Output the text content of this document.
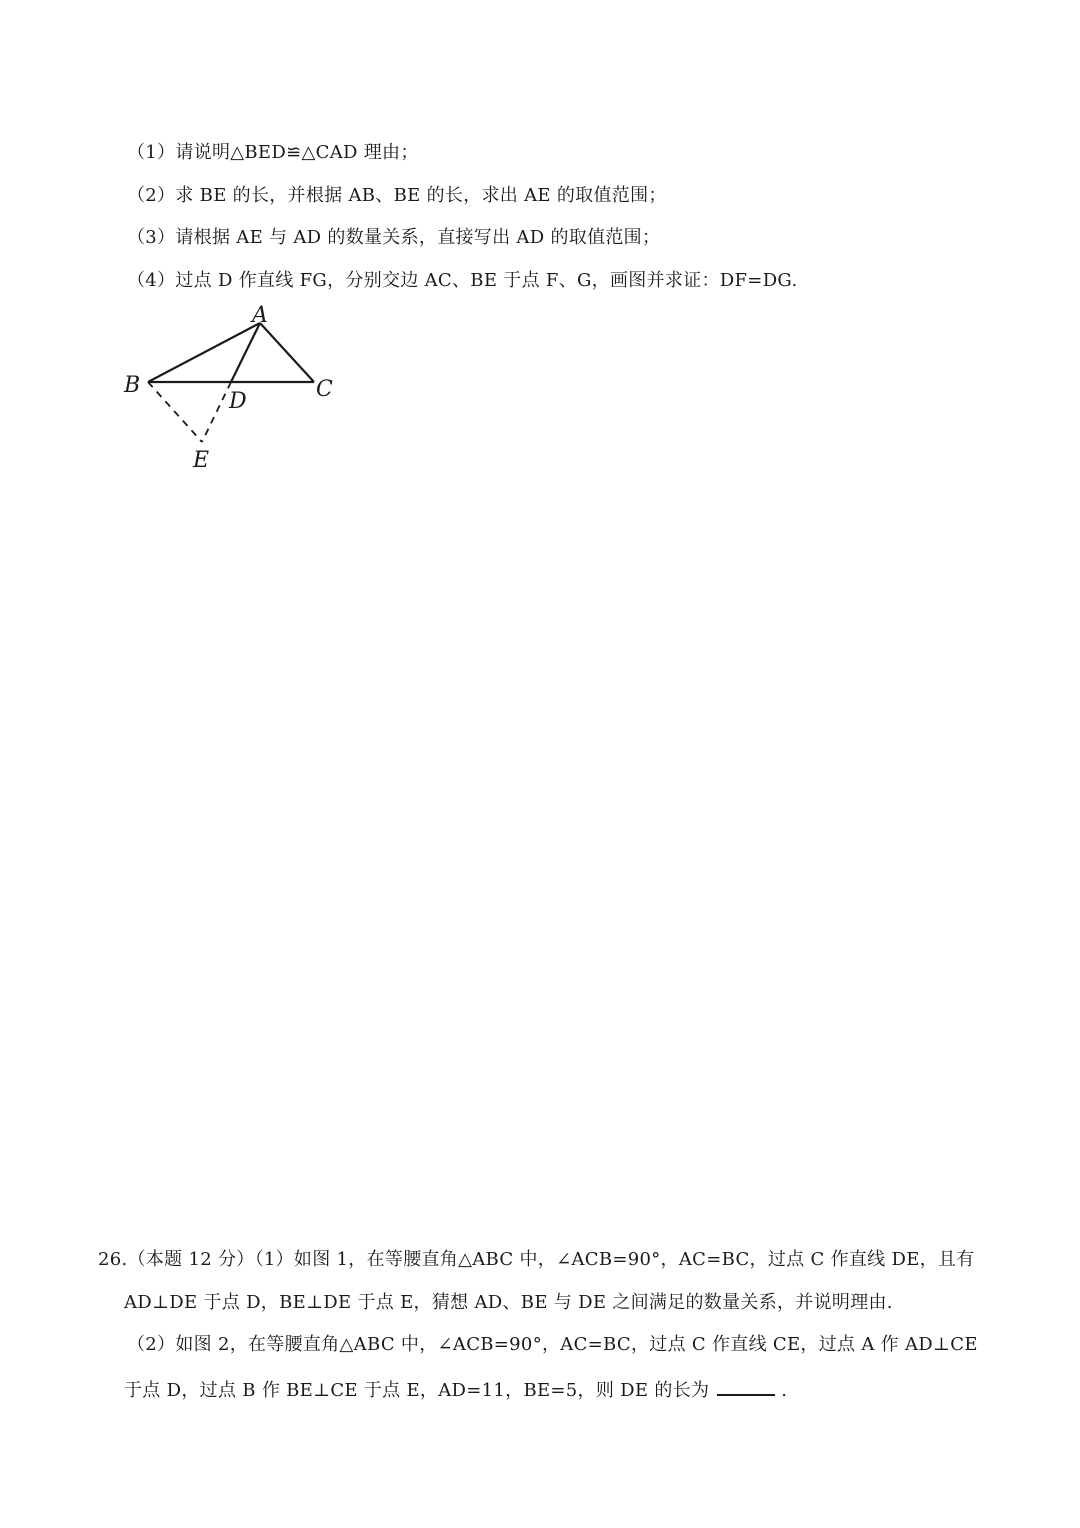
（1）请说明△BED≌△CAD 理由；
（2）求 BE 的长，并根据 AB、BE 的长，求出 AE 的取值范围；
（3）请根据 AE 与 AD 的数量关系，直接写出 AD 的取值范围；
（4）过点 D 作直线 FG，分别交边 AC、BE 于点 F、G，画图并求证：DF=DG.
A
B	C
D
E
26.（本题 12 分）（1）如图 1，在等腰直角△ABC 中，∠ACB=90°，AC=BC，过点 C 作直线 DE，且有
AD⊥DE 于点 D，BE⊥DE 于点 E，猜想 AD、BE 与 DE 之间满足的数量关系，并说明理由.
（2）如图 2，在等腰直角△ABC 中，∠ACB=90°，AC=BC，过点 C 作直线 CE，过点 A 作 AD⊥CE
于点 D，过点 B 作 BE⊥CE 于点 E，AD=11，BE=5，则 DE 的长为	.
